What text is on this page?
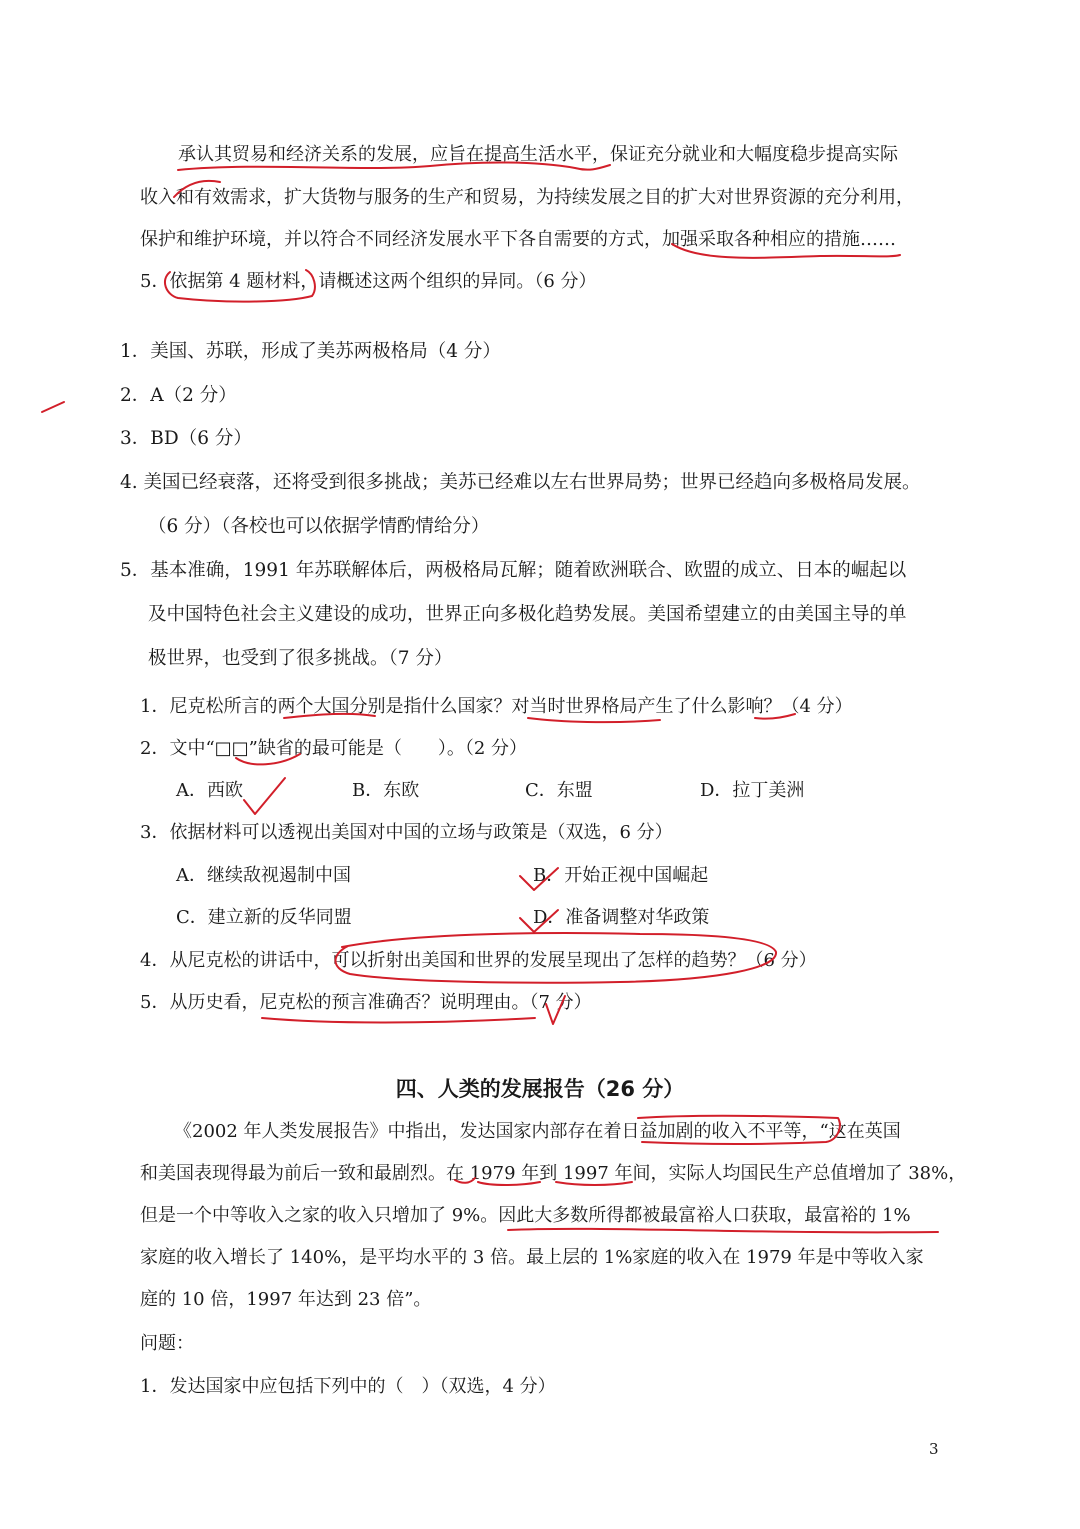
承认其贸易和经济关系的发展，应旨在提高生活水平，保证充分就业和大幅度稳步提高实际
收入和有效需求，扩大货物与服务的生产和贸易，为持续发展之目的扩大对世界资源的充分利用，
保护和维护环境，并以符合不同经济发展水平下各自需要的方式，加强采取各种相应的措施……
5．依据第 4 题材料，请概述这两个组织的异同。（6 分）
1．美国、苏联，形成了美苏两极格局（4 分）
2．A（2 分）
3．BD（6 分）
4. 美国已经衰落，还将受到很多挑战；美苏已经难以左右世界局势；世界已经趋向多极格局发展。
（6 分）（各校也可以依据学情酌情给分）
5．基本准确，1991 年苏联解体后，两极格局瓦解；随着欧洲联合、欧盟的成立、日本的崛起以
及中国特色社会主义建设的成功，世界正向多极化趋势发展。美国希望建立的由美国主导的单
极世界，也受到了很多挑战。（7 分）
1．尼克松所言的两个大国分别是指什么国家？对当时世界格局产生了什么影响？（4 分）
2．文中“□□”缺省的最可能是（　　）。（2 分）
A．西欧	B．东欧	C．东盟	D．拉丁美洲
3．依据材料可以透视出美国对中国的立场与政策是（双选，6 分）
A．继续敌视遏制中国	B．开始正视中国崛起
C．建立新的反华同盟	D．准备调整对华政策
4．从尼克松的讲话中，可以折射出美国和世界的发展呈现出了怎样的趋势？（6 分）
5．从历史看，尼克松的预言准确否？说明理由。（7 分）
四、人类的发展报告（26 分）
《2002 年人类发展报告》中指出，发达国家内部存在着日益加剧的收入不平等，“这在英国
和美国表现得最为前后一致和最剧烈。在 1979 年到 1997 年间，实际人均国民生产总值增加了 38%，
但是一个中等收入之家的收入只增加了 9%。因此大多数所得都被最富裕人口获取，最富裕的 1%
家庭的收入增长了 140%，是平均水平的 3 倍。最上层的 1%家庭的收入在 1979 年是中等收入家
庭的 10 倍，1997 年达到 23 倍”。
问题：
1．发达国家中应包括下列中的（　）（双选，4 分）
3
